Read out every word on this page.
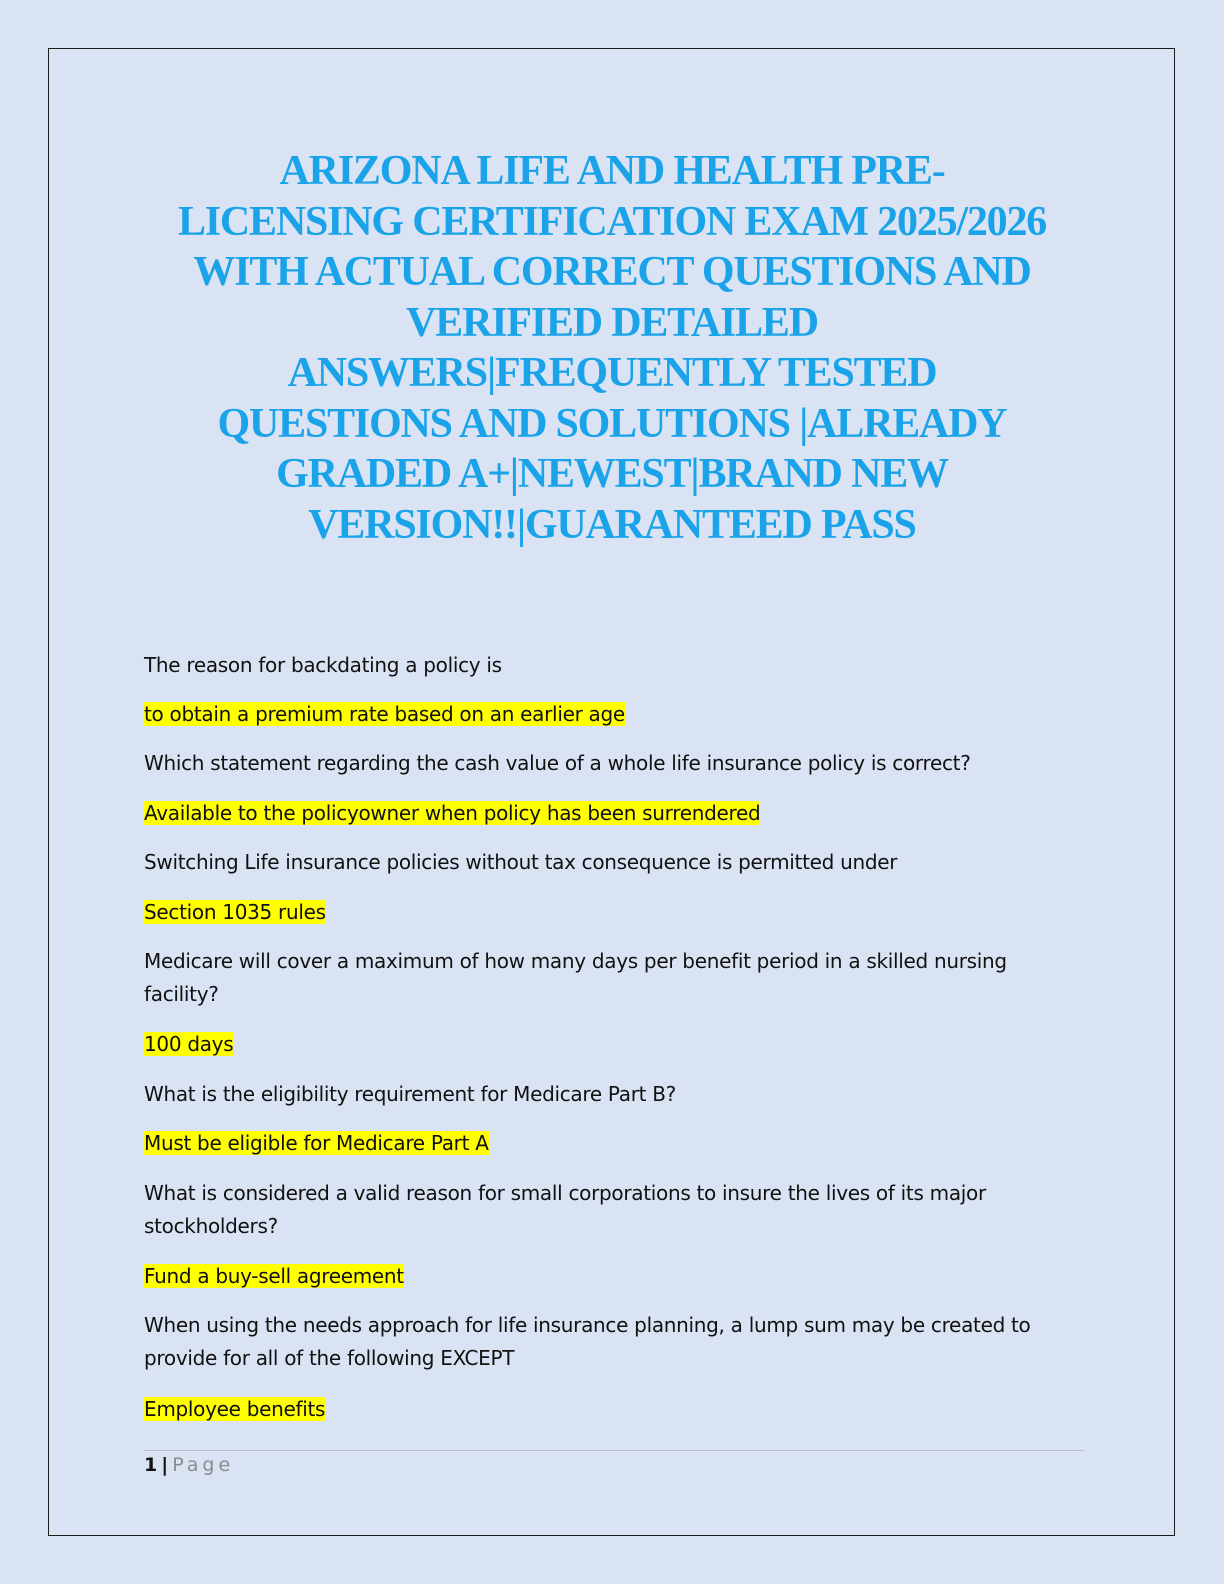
ARIZONA LIFE AND HEALTH PRE-
LICENSING CERTIFICATION EXAM 2025/2026
WITH ACTUAL CORRECT QUESTIONS AND
VERIFIED DETAILED
ANSWERS|FREQUENTLY TESTED
QUESTIONS AND SOLUTIONS |ALREADY
GRADED A+|NEWEST|BRAND NEW
VERSION!!|GUARANTEED PASS

The reason for backdating a policy is

to obtain a premium rate based on an earlier age

Which statement regarding the cash value of a whole life insurance policy is correct?

Available to the policyowner when policy has been surrendered

Switching Life insurance policies without tax consequence is permitted under

Section 1035 rules

Medicare will cover a maximum of how many days per benefit period in a skilled nursing facility?

100 days

What is the eligibility requirement for Medicare Part B?

Must be eligible for Medicare Part A

What is considered a valid reason for small corporations to insure the lives of its major stockholders?

Fund a buy-sell agreement

When using the needs approach for life insurance planning, a lump sum may be created to provide for all of the following EXCEPT

Employee benefits

1 | Page
